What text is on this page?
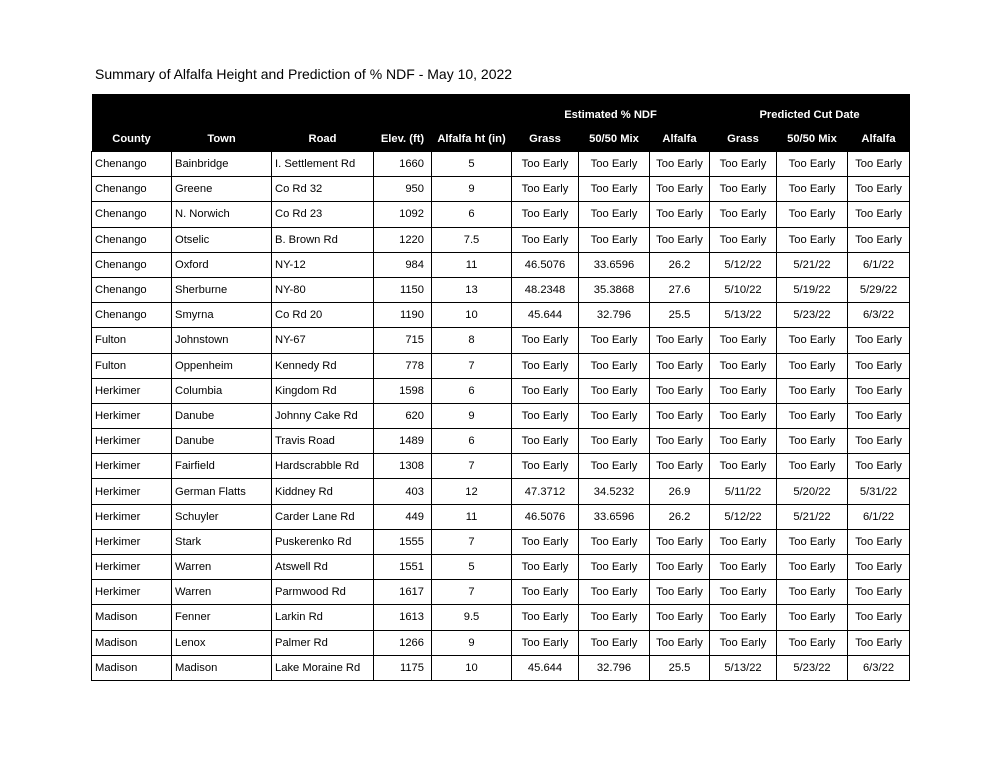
Summary of Alfalfa Height and Prediction of % NDF - May 10, 2022
					Estimated % NDF			Predicted Cut Date		
County	Town	Road	Elev. (ft)	Alfalfa ht (in)	Grass	50/50 Mix	Alfalfa	Grass	50/50 Mix	Alfalfa
Chenango	Bainbridge	I. Settlement Rd	1660	5	Too Early	Too Early	Too Early	Too Early	Too Early	Too Early
Chenango	Greene	Co Rd 32	950	9	Too Early	Too Early	Too Early	Too Early	Too Early	Too Early
Chenango	N. Norwich	Co Rd 23	1092	6	Too Early	Too Early	Too Early	Too Early	Too Early	Too Early
Chenango	Otselic	B. Brown Rd	1220	7.5	Too Early	Too Early	Too Early	Too Early	Too Early	Too Early
Chenango	Oxford	NY-12	984	11	46.5076	33.6596	26.2	5/12/22	5/21/22	6/1/22
Chenango	Sherburne	NY-80	1150	13	48.2348	35.3868	27.6	5/10/22	5/19/22	5/29/22
Chenango	Smyrna	Co Rd 20	1190	10	45.644	32.796	25.5	5/13/22	5/23/22	6/3/22
Fulton	Johnstown	NY-67	715	8	Too Early	Too Early	Too Early	Too Early	Too Early	Too Early
Fulton	Oppenheim	Kennedy Rd	778	7	Too Early	Too Early	Too Early	Too Early	Too Early	Too Early
Herkimer	Columbia	Kingdom Rd	1598	6	Too Early	Too Early	Too Early	Too Early	Too Early	Too Early
Herkimer	Danube	Johnny Cake Rd	620	9	Too Early	Too Early	Too Early	Too Early	Too Early	Too Early
Herkimer	Danube	Travis Road	1489	6	Too Early	Too Early	Too Early	Too Early	Too Early	Too Early
Herkimer	Fairfield	Hardscrabble Rd	1308	7	Too Early	Too Early	Too Early	Too Early	Too Early	Too Early
Herkimer	German Flatts	Kiddney Rd	403	12	47.3712	34.5232	26.9	5/11/22	5/20/22	5/31/22
Herkimer	Schuyler	Carder Lane Rd	449	11	46.5076	33.6596	26.2	5/12/22	5/21/22	6/1/22
Herkimer	Stark	Puskerenko Rd	1555	7	Too Early	Too Early	Too Early	Too Early	Too Early	Too Early
Herkimer	Warren	Atswell Rd	1551	5	Too Early	Too Early	Too Early	Too Early	Too Early	Too Early
Herkimer	Warren	Parmwood Rd	1617	7	Too Early	Too Early	Too Early	Too Early	Too Early	Too Early
Madison	Fenner	Larkin Rd	1613	9.5	Too Early	Too Early	Too Early	Too Early	Too Early	Too Early
Madison	Lenox	Palmer Rd	1266	9	Too Early	Too Early	Too Early	Too Early	Too Early	Too Early
Madison	Madison	Lake Moraine Rd	1175	10	45.644	32.796	25.5	5/13/22	5/23/22	6/3/22
